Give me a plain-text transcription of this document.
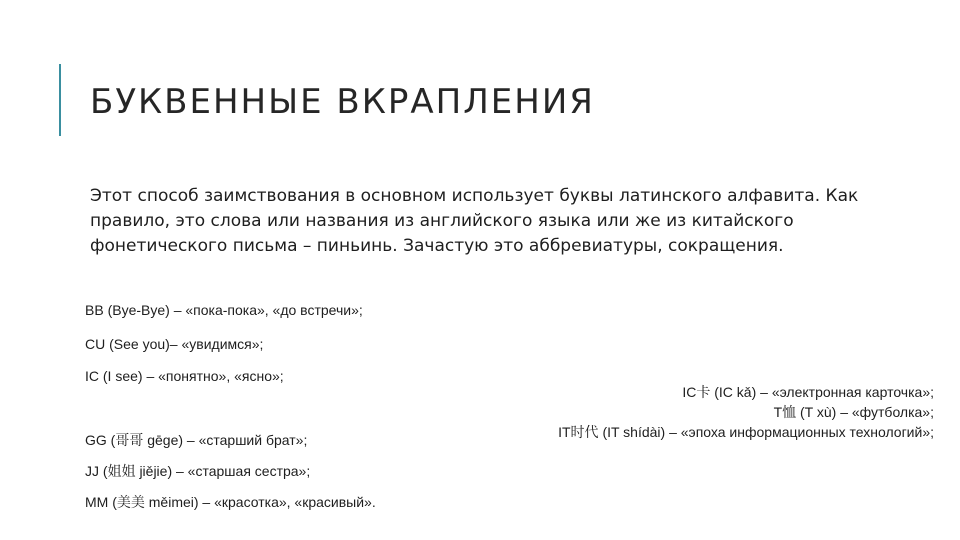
БУКВЕННЫЕ ВКРАПЛЕНИЯ
Этот способ заимствования в основном использует буквы латинского алфавита. Как правило, это слова или названия из английского языка или же из китайского фонетического письма – пиньинь. Зачастую это аббревиатуры, сокращения.
BB (Bye-Bye) – «пока-пока», «до встречи»;
CU (See you)– «увидимся»;
IC (I see) – «понятно», «ясно»;
GG (哥哥 gēge) – «старший брат»;
JJ (姐姐 jiějie) – «старшая сестра»;
MM (美美 měimei) – «красотка», «красивый».
IC卡 (IC kǎ) – «электронная карточка»;
T恤 (T xù) – «футболка»;
IT时代 (IT shídài) – «эпоха информационных технологий»;
